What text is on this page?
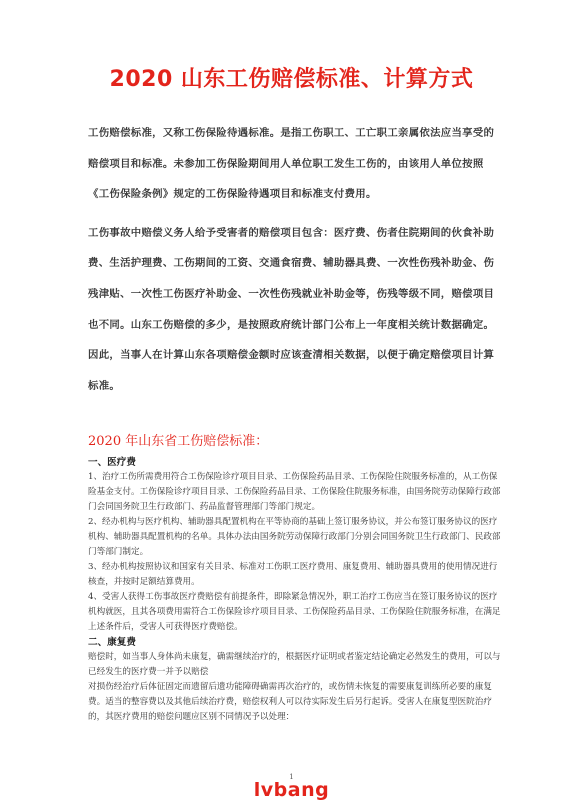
2020 山东工伤赔偿标准、计算方式

工伤赔偿标准，又称工伤保险待遇标准。是指工伤职工、工亡职工亲属依法应当享受的赔偿项目和标准。未参加工伤保险期间用人单位职工发生工伤的，由该用人单位按照《工伤保险条例》规定的工伤保险待遇项目和标准支付费用。

工伤事故中赔偿义务人给予受害者的赔偿项目包含：医疗费、伤者住院期间的伙食补助费、生活护理费、工伤期间的工资、交通食宿费、辅助器具费、一次性伤残补助金、伤残津贴、一次性工伤医疗补助金、一次性伤残就业补助金等，伤残等级不同，赔偿项目也不同。山东工伤赔偿的多少，是按照政府统计部门公布上一年度相关统计数据确定。因此，当事人在计算山东各项赔偿金额时应该查清相关数据，以便于确定赔偿项目计算标准。

2020 年山东省工伤赔偿标准：

一、医疗费

1、治疗工伤所需费用符合工伤保险诊疗项目目录、工伤保险药品目录、工伤保险住院服务标准的，从工伤保险基金支付。工伤保险诊疗项目目录、工伤保险药品目录、工伤保险住院服务标准，由国务院劳动保障行政部门会同国务院卫生行政部门、药品监督管理部门等部门规定。

2、经办机构与医疗机构、辅助器具配置机构在平等协商的基础上签订服务协议，并公布签订服务协议的医疗机构、辅助器具配置机构的名单。具体办法由国务院劳动保障行政部门分别会同国务院卫生行政部门、民政部门等部门制定。

3、经办机构按照协议和国家有关目录、标准对工伤职工医疗费用、康复费用、辅助器具费用的使用情况进行核查，并按时足额结算费用。

4、受害人获得工伤事故医疗费赔偿有前提条件，即除紧急情况外，职工治疗工伤应当在签订服务协议的医疗机构就医，且其各项费用需符合工伤保险诊疗项目目录、工伤保险药品目录、工伤保险住院服务标准，在满足上述条件后，受害人可获得医疗费赔偿。

二、康复费

赔偿时，如当事人身体尚未康复，确需继续治疗的，根据医疗证明或者鉴定结论确定必然发生的费用，可以与已经发生的医疗费一并予以赔偿

对损伤经治疗后体征固定而遗留后遗功能障碍确需再次治疗的，或伤情未恢复的需要康复训练所必要的康复费。适当的整容费以及其他后续治疗费，赔偿权利人可以待实际发生后另行起诉。受害人在康复型医院治疗的，其医疗费用的赔偿问题应区别不同情况予以处理：

1
lvbang
